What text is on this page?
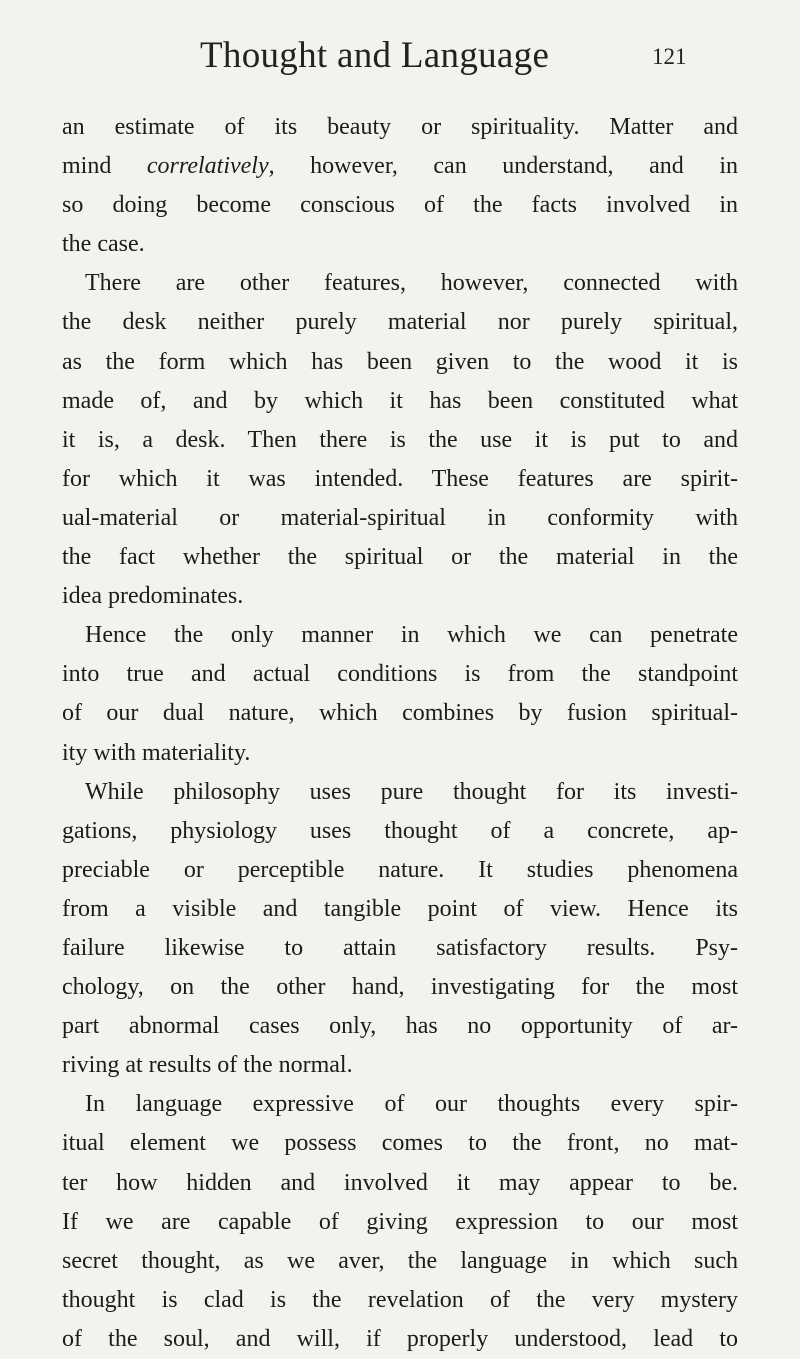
Thought and Language	121
an estimate of its beauty or spirituality. Matter and
mind correlatively, however, can understand, and in
so doing become conscious of the facts involved in
the case.
There are other features, however, connected with
the desk neither purely material nor purely spiritual,
as the form which has been given to the wood it is
made of, and by which it has been constituted what
it is, a desk. Then there is the use it is put to and
for which it was intended. These features are spirit-
ual-material or material-spiritual in conformity with
the fact whether the spiritual or the material in the
idea predominates.
Hence the only manner in which we can penetrate
into true and actual conditions is from the standpoint
of our dual nature, which combines by fusion spiritual-
ity with materiality.
While philosophy uses pure thought for its investi-
gations, physiology uses thought of a concrete, ap-
preciable or perceptible nature. It studies phenomena
from a visible and tangible point of view. Hence its
failure likewise to attain satisfactory results. Psy-
chology, on the other hand, investigating for the most
part abnormal cases only, has no opportunity of ar-
riving at results of the normal.
In language expressive of our thoughts every spir-
itual element we possess comes to the front, no mat-
ter how hidden and involved it may appear to be.
If we are capable of giving expression to our most
secret thought, as we aver, the language in which such
thought is clad is the revelation of the very mystery
of the soul, and will, if properly understood, lead to
